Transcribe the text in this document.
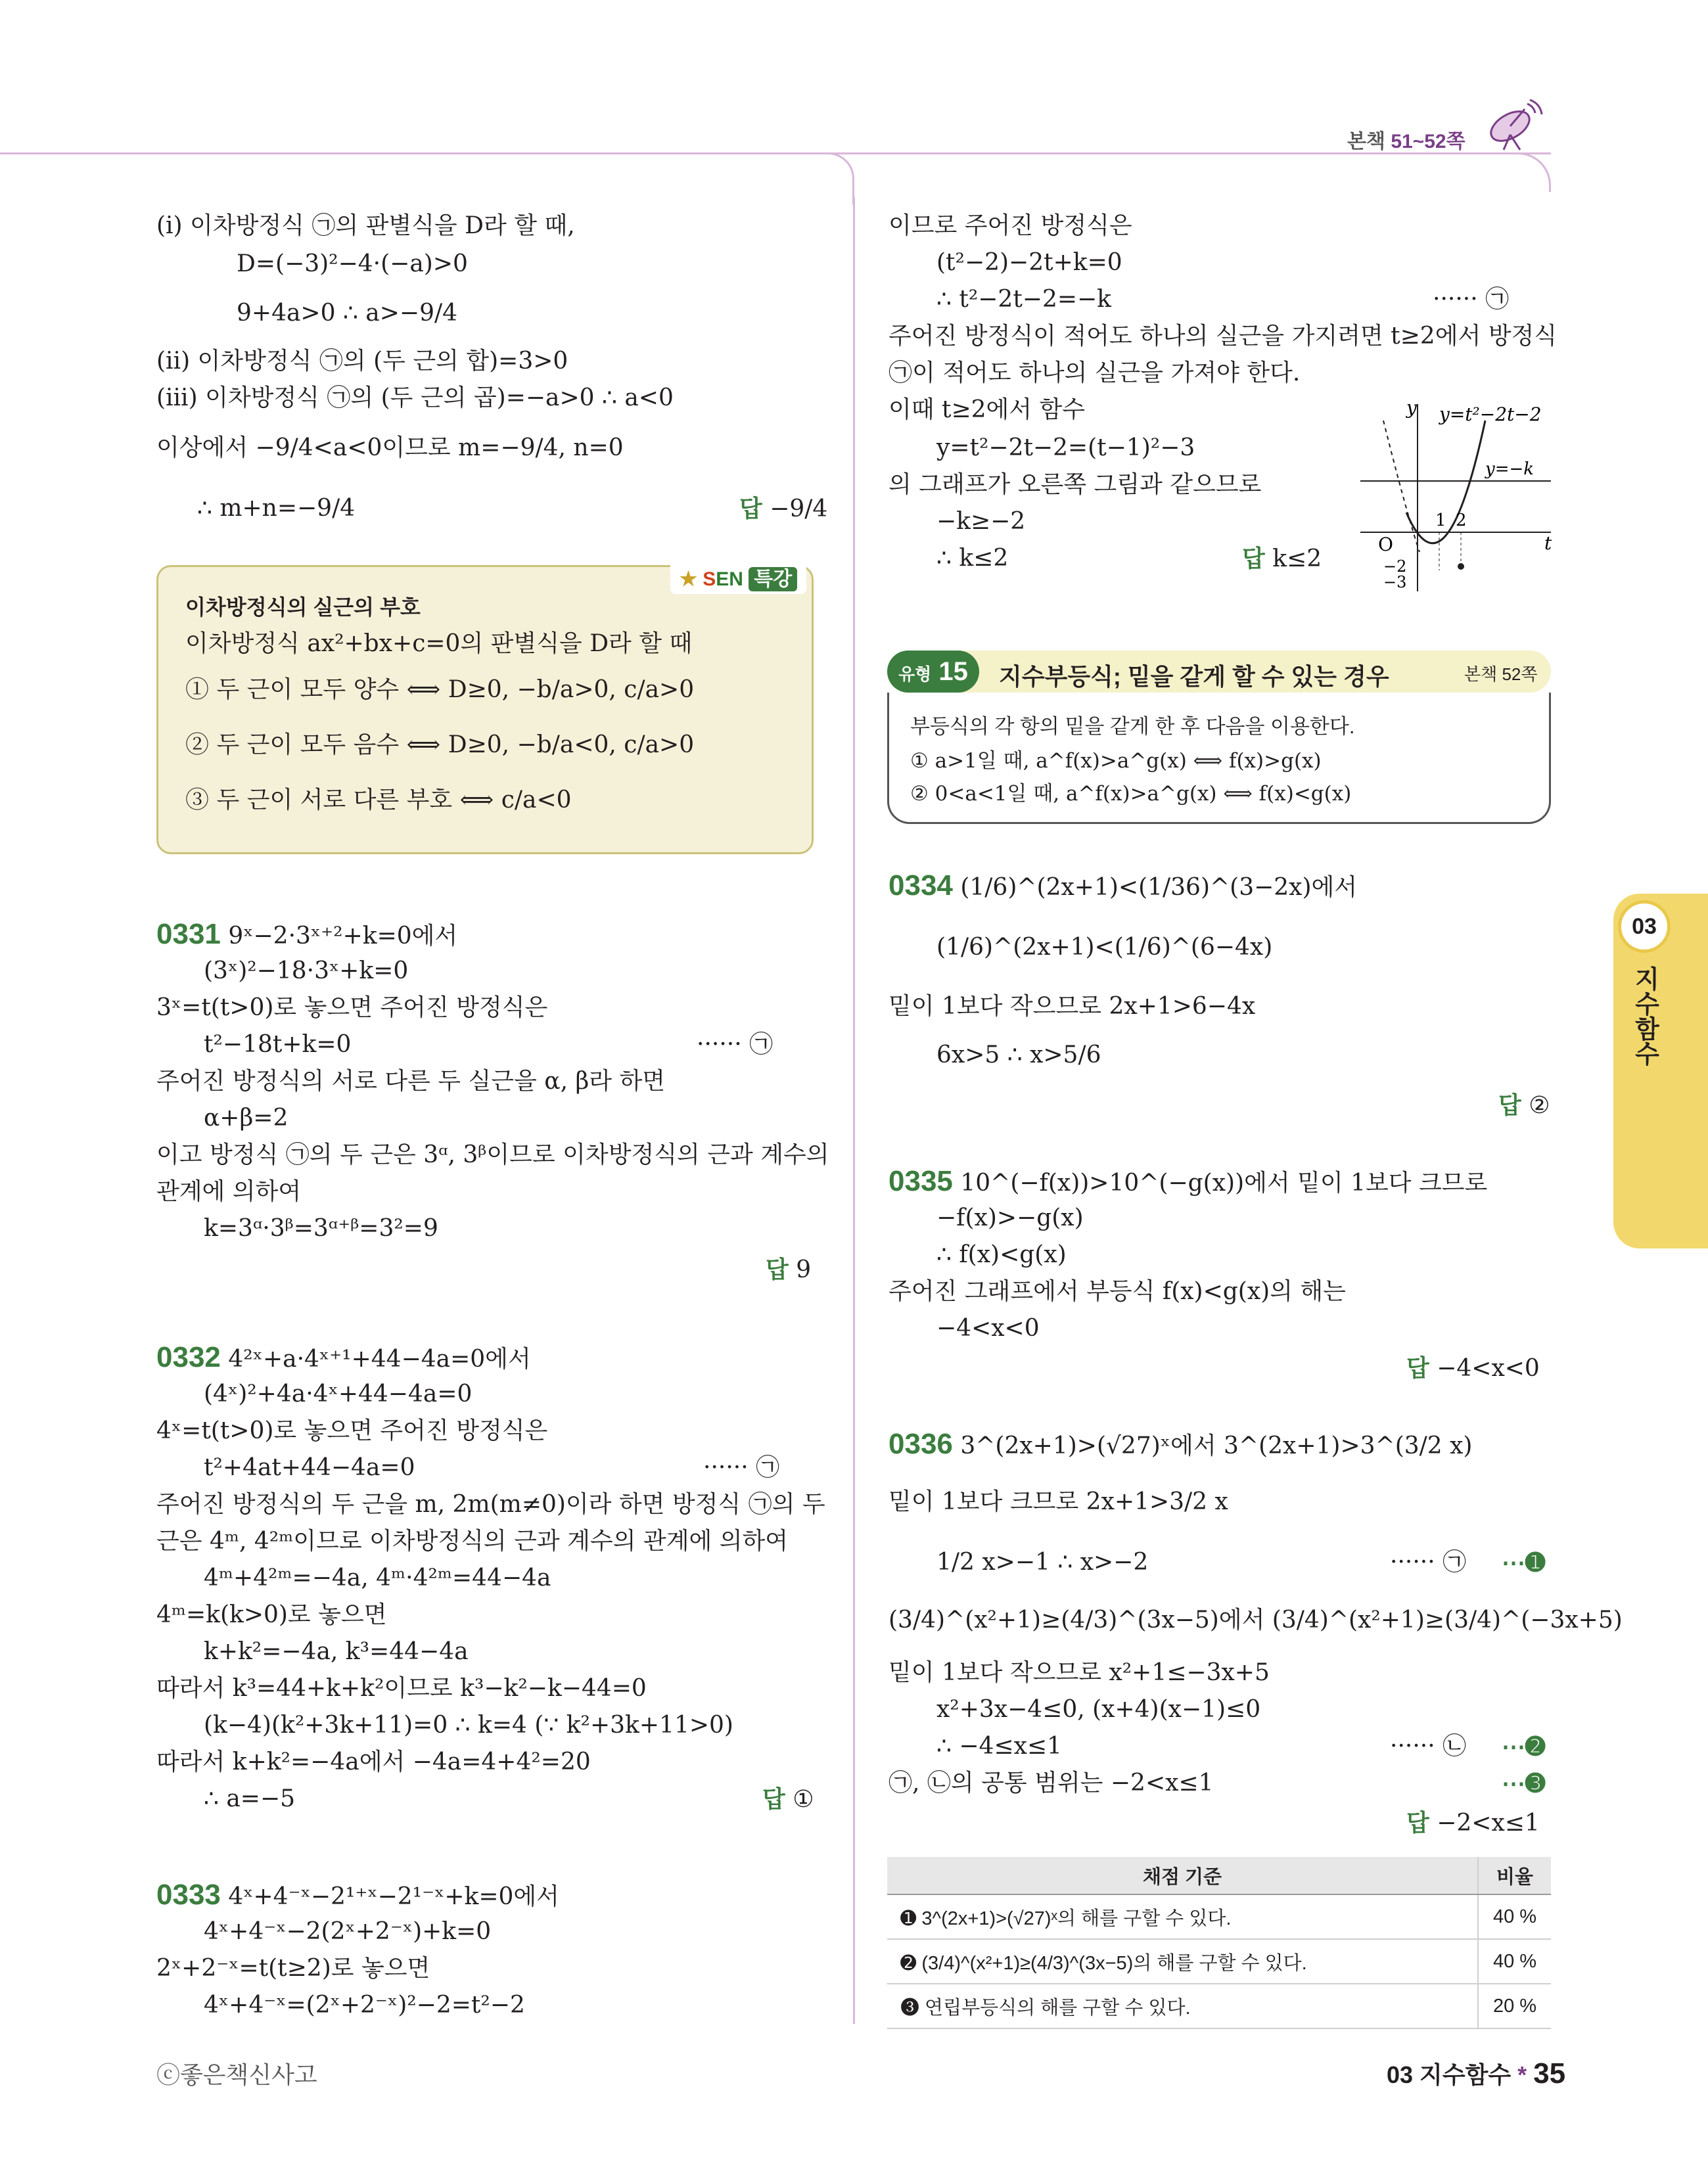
본책 51~52쪽
(ⅰ) 이차방정식 ㉠의 판별식을 D라 할 때,
D=(−3)²−4·(−a)>0
9+4a>0 ∴ a>−9/4
(ⅱ) 이차방정식 ㉠의 (두 근의 합)=3>0
(ⅲ) 이차방정식 ㉠의 (두 근의 곱)=−a>0 ∴ a<0
이상에서 −9/4<a<0이므로 m=−9/4, n=0
∴ m+n=−9/4	답 −9/4
★ SEN 특강
이차방정식의 실근의 부호
이차방정식 ax²+bx+c=0의 판별식을 D라 할 때
① 두 근이 모두 양수 ⟺ D≥0, −b/a>0, c/a>0
② 두 근이 모두 음수 ⟺ D≥0, −b/a<0, c/a>0
③ 두 근이 서로 다른 부호 ⟺ c/a<0
0331 9ˣ−2·3ˣ⁺²+k=0에서
(3ˣ)²−18·3ˣ+k=0
3ˣ=t(t>0)로 놓으면 주어진 방정식은
t²−18t+k=0	······ ㉠
주어진 방정식의 서로 다른 두 실근을 α, β라 하면
α+β=2
이고 방정식 ㉠의 두 근은 3ᵅ, 3ᵝ이므로 이차방정식의 근과 계수의
관계에 의하여
k=3ᵅ·3ᵝ=3ᵅ⁺ᵝ=3²=9
답 9
0332 4²ˣ+a·4ˣ⁺¹+44−4a=0에서
(4ˣ)²+4a·4ˣ+44−4a=0
4ˣ=t(t>0)로 놓으면 주어진 방정식은
t²+4at+44−4a=0	······ ㉠
주어진 방정식의 두 근을 m, 2m(m≠0)이라 하면 방정식 ㉠의 두
근은 4ᵐ, 4²ᵐ이므로 이차방정식의 근과 계수의 관계에 의하여
4ᵐ+4²ᵐ=−4a, 4ᵐ·4²ᵐ=44−4a
4ᵐ=k(k>0)로 놓으면
k+k²=−4a, k³=44−4a
따라서 k³=44+k+k²이므로 k³−k²−k−44=0
(k−4)(k²+3k+11)=0 ∴ k=4 (∵ k²+3k+11>0)
따라서 k+k²=−4a에서 −4a=4+4²=20
∴ a=−5	답 ①
0333 4ˣ+4⁻ˣ−2¹⁺ˣ−2¹⁻ˣ+k=0에서
4ˣ+4⁻ˣ−2(2ˣ+2⁻ˣ)+k=0
2ˣ+2⁻ˣ=t(t≥2)로 놓으면
4ˣ+4⁻ˣ=(2ˣ+2⁻ˣ)²−2=t²−2
이므로 주어진 방정식은
(t²−2)−2t+k=0
∴ t²−2t−2=−k	······ ㉠
주어진 방정식이 적어도 하나의 실근을 가지려면 t≥2에서 방정식
㉠이 적어도 하나의 실근을 가져야 한다.
이때 t≥2에서 함수
y=t²−2t−2=(t−1)²−3
의 그래프가 오른쪽 그림과 같으므로
−k≥−2
∴ k≤2	답 k≤2
y y=t²−2t−2
y=−k
t
O
1 2
−2
−3
유형 15	지수부등식; 밑을 같게 할 수 있는 경우	본책 52쪽
부등식의 각 항의 밑을 같게 한 후 다음을 이용한다.
① a>1일 때, a^f(x)>a^g(x) ⟺ f(x)>g(x)
② 0<a<1일 때, a^f(x)>a^g(x) ⟺ f(x)<g(x)
0334 (1/6)^(2x+1)<(1/36)^(3−2x)에서
(1/6)^(2x+1)<(1/6)^(6−4x)
밑이 1보다 작으므로 2x+1>6−4x
6x>5 ∴ x>5/6
답 ②
0335 10^(−f(x))>10^(−g(x))에서 밑이 1보다 크므로
−f(x)>−g(x)
∴ f(x)<g(x)
주어진 그래프에서 부등식 f(x)<g(x)의 해는
−4<x<0
답 −4<x<0
0336 3^(2x+1)>(√27)ˣ에서 3^(2x+1)>3^(3/2 x)
밑이 1보다 크므로 2x+1>3/2 x
1/2 x>−1 ∴ x>−2	······ ㉠ ⋯➊
(3/4)^(x²+1)≥(4/3)^(3x−5)에서 (3/4)^(x²+1)≥(3/4)^(−3x+5)
밑이 1보다 작으므로 x²+1≤−3x+5
x²+3x−4≤0, (x+4)(x−1)≤0
∴ −4≤x≤1	······ ㉡ ⋯➋
㉠, ㉡의 공통 범위는 −2<x≤1	⋯➌
답 −2<x≤1
채점 기준	비율
➊ 3^(2x+1)>(√27)ˣ의 해를 구할 수 있다.	40 %
➋ (3/4)^(x²+1)≥(4/3)^(3x−5)의 해를 구할 수 있다.	40 %
➌ 연립부등식의 해를 구할 수 있다.	20 %
03
지수함수
ⓒ좋은책신사고	03 지수함수 * 35
